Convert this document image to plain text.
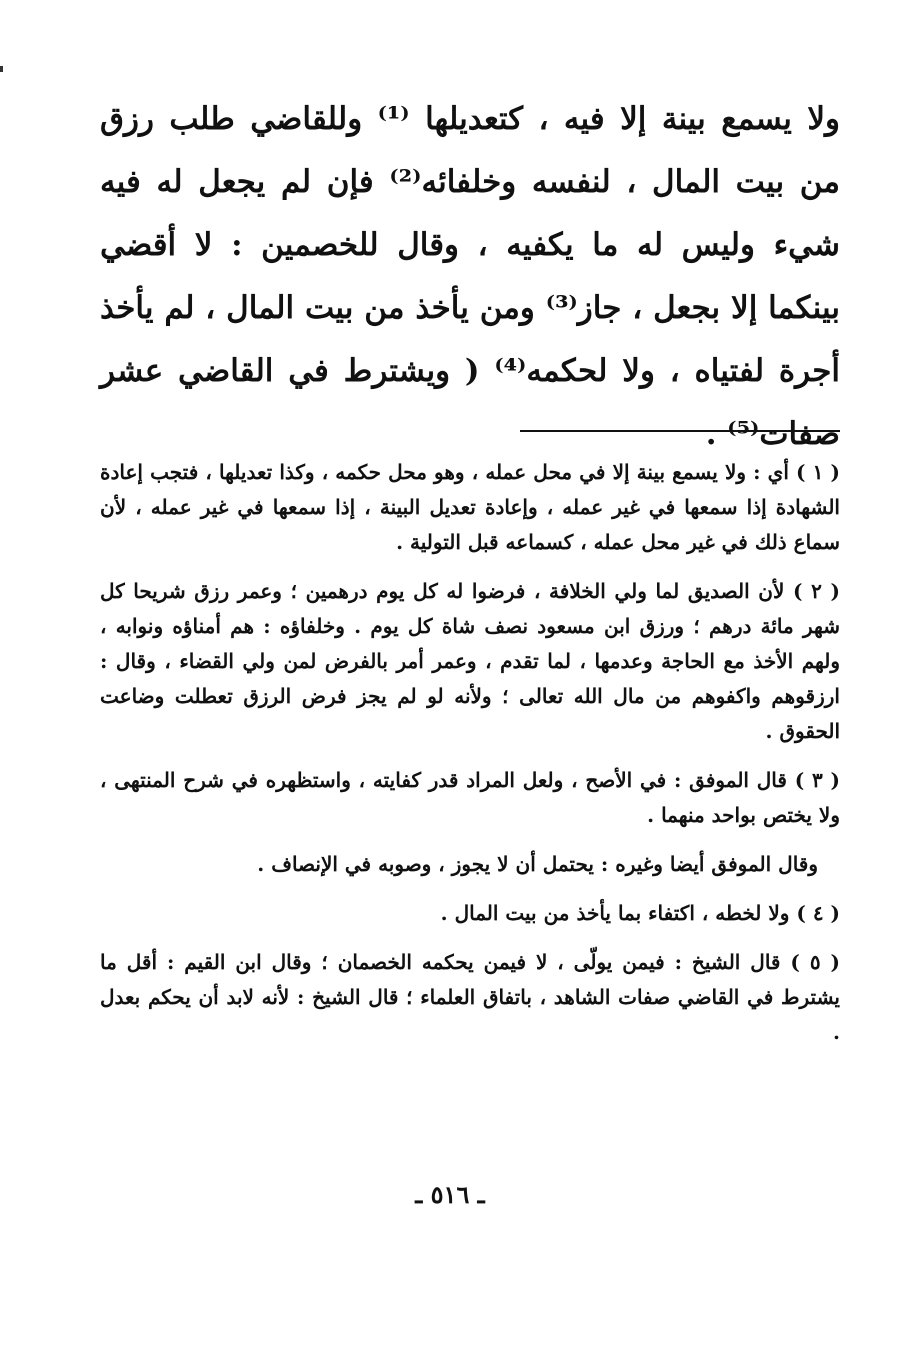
ولا يسمع بينة إلا فيه ، كتعديلها ⁽¹⁾ وللقاضي طلب رزق من بيت المال ، لنفسه وخلفائه⁽²⁾ فإن لم يجعل له فيه شيء وليس له ما يكفيه ، وقال للخصمين : لا أقضي بينكما إلا بجعل ، جاز⁽³⁾ ومن يأخذ من بيت المال ، لم يأخذ أجرة لفتياه ، ولا لحكمه⁽⁴⁾ ( ويشترط في القاضي عشر صفات⁽⁵⁾ .

( ١ ) أي : ولا يسمع بينة إلا في محل عمله ، وهو محل حكمه ، وكذا تعديلها ، فتجب إعادة الشهادة إذا سمعها في غير عمله ، وإعادة تعديل البينة ، إذا سمعها في غير عمله ، لأن سماع ذلك في غير محل عمله ، كسماعه قبل التولية .

( ٢ ) لأن الصديق لما ولي الخلافة ، فرضوا له كل يوم درهمين ؛ وعمر رزق شريحا كل شهر مائة درهم ؛ ورزق ابن مسعود نصف شاة كل يوم . وخلفاؤه : هم أمناؤه ونوابه ، ولهم الأخذ مع الحاجة وعدمها ، لما تقدم ، وعمر أمر بالفرض لمن ولي القضاء ، وقال : ارزقوهم واكفوهم من مال الله تعالى ؛ ولأنه لو لم يجز فرض الرزق تعطلت وضاعت الحقوق .

( ٣ ) قال الموفق : في الأصح ، ولعل المراد قدر كفايته ، واستظهره في شرح المنتهى ، ولا يختص بواحد منهما .

وقال الموفق أيضا وغيره : يحتمل أن لا يجوز ، وصوبه في الإنصاف .

( ٤ ) ولا لخطه ، اكتفاء بما يأخذ من بيت المال .

( ٥ ) قال الشيخ : فيمن يولّى ، لا فيمن يحكمه الخصمان ؛ وقال ابن القيم : أقل ما يشترط في القاضي صفات الشاهد ، باتفاق العلماء ؛ قال الشيخ : لأنه لابد أن يحكم بعدل .

ـ ٥١٦ ـ
